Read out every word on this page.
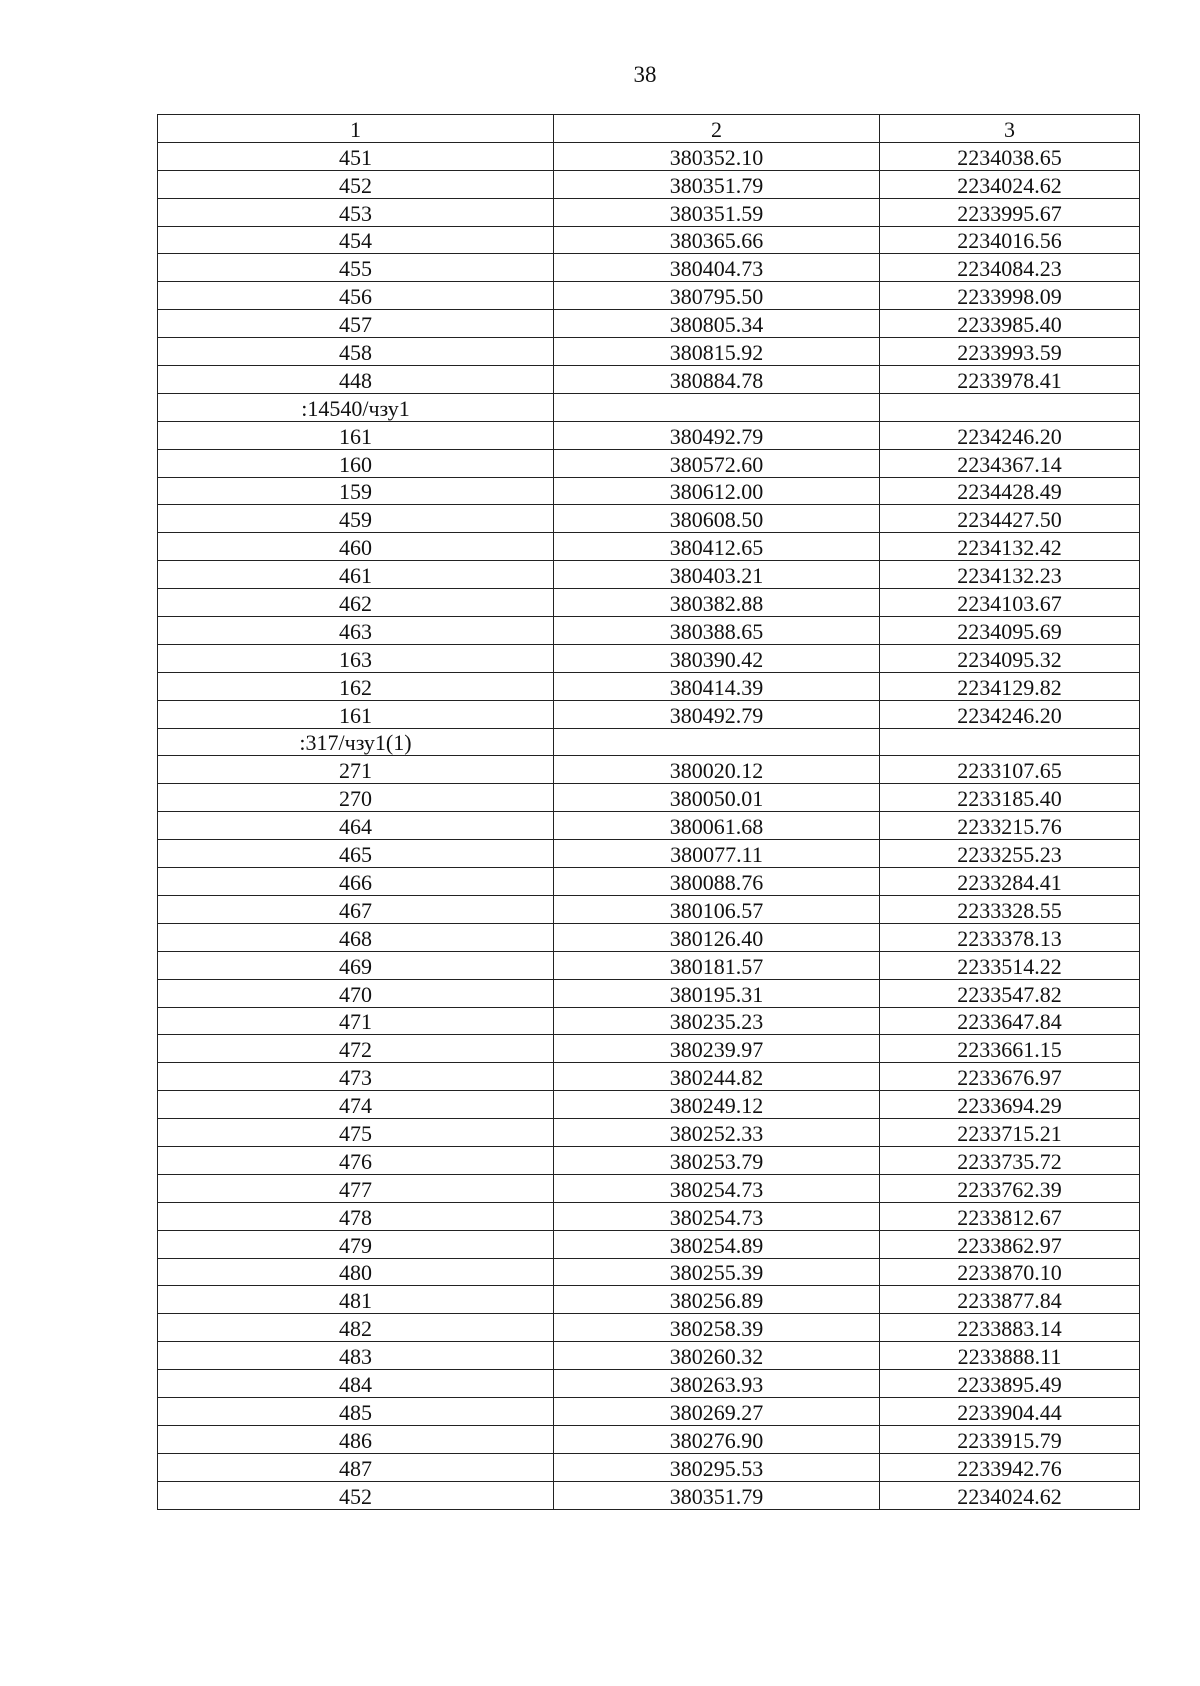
38
1	2	3
451	380352.10	2234038.65
452	380351.79	2234024.62
453	380351.59	2233995.67
454	380365.66	2234016.56
455	380404.73	2234084.23
456	380795.50	2233998.09
457	380805.34	2233985.40
458	380815.92	2233993.59
448	380884.78	2233978.41
:14540/чзу1		
161	380492.79	2234246.20
160	380572.60	2234367.14
159	380612.00	2234428.49
459	380608.50	2234427.50
460	380412.65	2234132.42
461	380403.21	2234132.23
462	380382.88	2234103.67
463	380388.65	2234095.69
163	380390.42	2234095.32
162	380414.39	2234129.82
161	380492.79	2234246.20
:317/чзу1(1)		
271	380020.12	2233107.65
270	380050.01	2233185.40
464	380061.68	2233215.76
465	380077.11	2233255.23
466	380088.76	2233284.41
467	380106.57	2233328.55
468	380126.40	2233378.13
469	380181.57	2233514.22
470	380195.31	2233547.82
471	380235.23	2233647.84
472	380239.97	2233661.15
473	380244.82	2233676.97
474	380249.12	2233694.29
475	380252.33	2233715.21
476	380253.79	2233735.72
477	380254.73	2233762.39
478	380254.73	2233812.67
479	380254.89	2233862.97
480	380255.39	2233870.10
481	380256.89	2233877.84
482	380258.39	2233883.14
483	380260.32	2233888.11
484	380263.93	2233895.49
485	380269.27	2233904.44
486	380276.90	2233915.79
487	380295.53	2233942.76
452	380351.79	2234024.62
